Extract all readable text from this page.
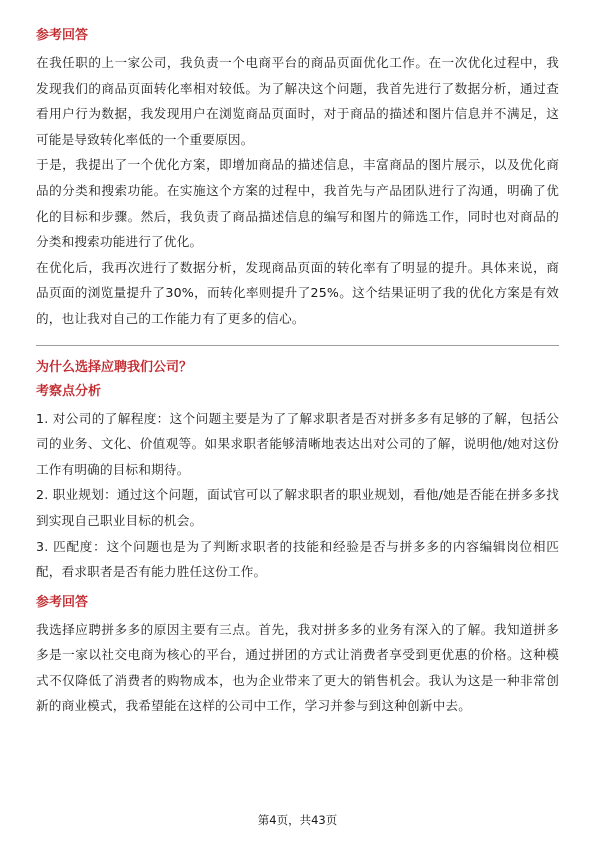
参考回答

在我任职的上一家公司，我负责一个电商平台的商品页面优化工作。在一次优化过程中，我发现我们的商品页面转化率相对较低。为了解决这个问题，我首先进行了数据分析，通过查看用户行为数据，我发现用户在浏览商品页面时，对于商品的描述和图片信息并不满足，这可能是导致转化率低的一个重要原因。

于是，我提出了一个优化方案，即增加商品的描述信息，丰富商品的图片展示，以及优化商品的分类和搜索功能。在实施这个方案的过程中，我首先与产品团队进行了沟通，明确了优化的目标和步骤。然后，我负责了商品描述信息的编写和图片的筛选工作，同时也对商品的分类和搜索功能进行了优化。

在优化后，我再次进行了数据分析，发现商品页面的转化率有了明显的提升。具体来说，商品页面的浏览量提升了30%，而转化率则提升了25%。这个结果证明了我的优化方案是有效的，也让我对自己的工作能力有了更多的信心。

为什么选择应聘我们公司？
考察点分析

1. 对公司的了解程度：这个问题主要是为了了解求职者是否对拼多多有足够的了解，包括公司的业务、文化、价值观等。如果求职者能够清晰地表达出对公司的了解，说明他/她对这份工作有明确的目标和期待。

2. 职业规划：通过这个问题，面试官可以了解求职者的职业规划，看他/她是否能在拼多多找到实现自己职业目标的机会。

3. 匹配度：这个问题也是为了判断求职者的技能和经验是否与拼多多的内容编辑岗位相匹配，看求职者是否有能力胜任这份工作。

参考回答

我选择应聘拼多多的原因主要有三点。首先，我对拼多多的业务有深入的了解。我知道拼多多是一家以社交电商为核心的平台，通过拼团的方式让消费者享受到更优惠的价格。这种模式不仅降低了消费者的购物成本，也为企业带来了更大的销售机会。我认为这是一种非常创新的商业模式，我希望能在这样的公司中工作，学习并参与到这种创新中去。

第4页，共43页
